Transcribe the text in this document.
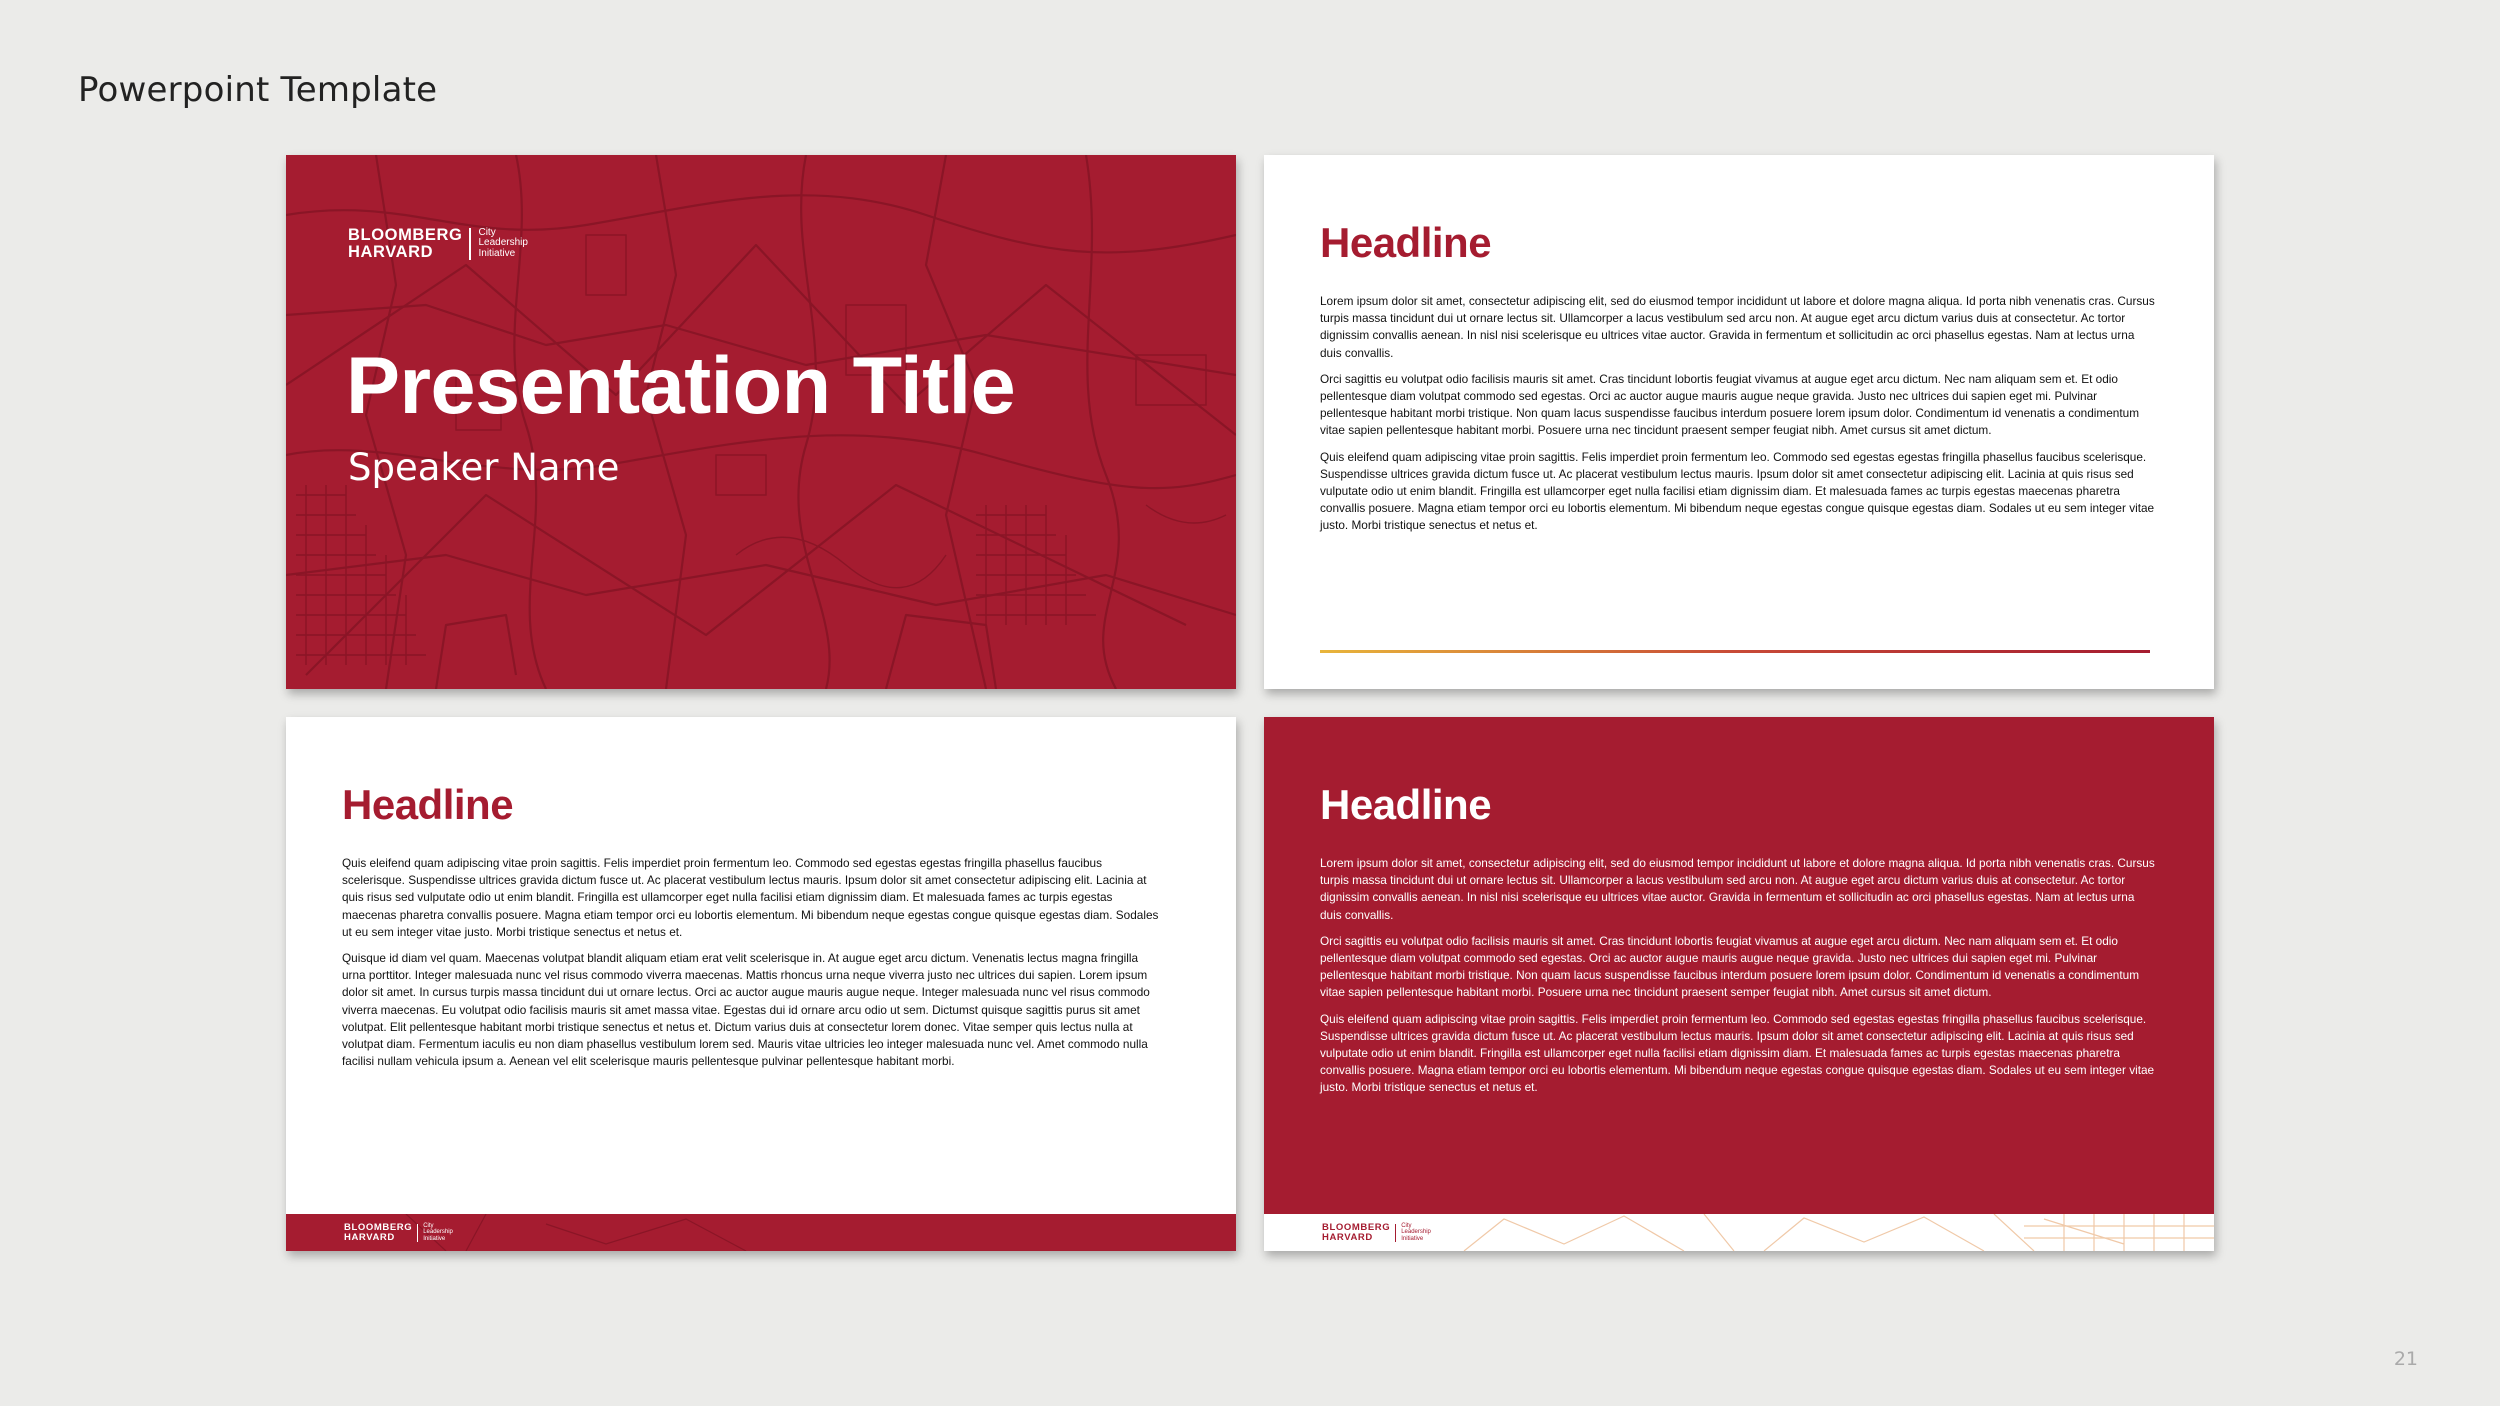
Powerpoint Template
BLOOMBERG
HARVARD
City
Leadership
Initiative
Presentation Title
Speaker Name
Headline

Lorem ipsum dolor sit amet, consectetur adipiscing elit, sed do eiusmod tempor incididunt ut labore et dolore magna aliqua. Id porta nibh venenatis cras. Cursus turpis massa tincidunt dui ut ornare lectus sit. Ullamcorper a lacus vestibulum sed arcu non. At augue eget arcu dictum varius duis at consectetur. Ac tortor dignissim convallis aenean. In nisl nisi scelerisque eu ultrices vitae auctor. Gravida in fermentum et sollicitudin ac orci phasellus egestas. Nam at lectus urna duis convallis.

Orci sagittis eu volutpat odio facilisis mauris sit amet. Cras tincidunt lobortis feugiat vivamus at augue eget arcu dictum. Nec nam aliquam sem et. Et odio pellentesque diam volutpat commodo sed egestas. Orci ac auctor augue mauris augue neque gravida. Justo nec ultrices dui sapien eget mi. Pulvinar pellentesque habitant morbi tristique. Non quam lacus suspendisse faucibus interdum posuere lorem ipsum dolor. Condimentum id venenatis a condimentum vitae sapien pellentesque habitant morbi. Posuere urna nec tincidunt praesent semper feugiat nibh. Amet cursus sit amet dictum.

Quis eleifend quam adipiscing vitae proin sagittis. Felis imperdiet proin fermentum leo. Commodo sed egestas egestas fringilla phasellus faucibus scelerisque. Suspendisse ultrices gravida dictum fusce ut. Ac placerat vestibulum lectus mauris. Ipsum dolor sit amet consectetur adipiscing elit. Lacinia at quis risus sed vulputate odio ut enim blandit. Fringilla est ullamcorper eget nulla facilisi etiam dignissim diam. Et malesuada fames ac turpis egestas maecenas pharetra convallis posuere. Magna etiam tempor orci eu lobortis elementum. Mi bibendum neque egestas congue quisque egestas diam. Sodales ut eu sem integer vitae justo. Morbi tristique senectus et netus et.

Headline

Quis eleifend quam adipiscing vitae proin sagittis. Felis imperdiet proin fermentum leo. Commodo sed egestas egestas fringilla phasellus faucibus scelerisque. Suspendisse ultrices gravida dictum fusce ut. Ac placerat vestibulum lectus mauris. Ipsum dolor sit amet consectetur adipiscing elit. Lacinia at quis risus sed vulputate odio ut enim blandit. Fringilla est ullamcorper eget nulla facilisi etiam dignissim diam. Et malesuada fames ac turpis egestas maecenas pharetra convallis posuere. Magna etiam tempor orci eu lobortis elementum. Mi bibendum neque egestas congue quisque egestas diam. Sodales ut eu sem integer vitae justo. Morbi tristique senectus et netus et.

Quisque id diam vel quam. Maecenas volutpat blandit aliquam etiam erat velit scelerisque in. At augue eget arcu dictum. Venenatis lectus magna fringilla urna porttitor. Integer malesuada nunc vel risus commodo viverra maecenas. Mattis rhoncus urna neque viverra justo nec ultrices dui sapien. Lorem ipsum dolor sit amet. In cursus turpis massa tincidunt dui ut ornare lectus. Orci ac auctor augue mauris augue neque. Integer malesuada nunc vel risus commodo viverra maecenas. Eu volutpat odio facilisis mauris sit amet massa vitae. Egestas dui id ornare arcu odio ut sem. Dictumst quisque sagittis purus sit amet volutpat. Elit pellentesque habitant morbi tristique senectus et netus et. Dictum varius duis at consectetur lorem donec. Vitae semper quis lectus nulla at volutpat diam. Fermentum iaculis eu non diam phasellus vestibulum lorem sed. Mauris vitae ultricies leo integer malesuada nunc vel. Amet commodo nulla facilisi nullam vehicula ipsum a. Aenean vel elit scelerisque mauris pellentesque pulvinar pellentesque habitant morbi.

BLOOMBERG
HARVARD
City
Leadership
Initiative
Headline

Lorem ipsum dolor sit amet, consectetur adipiscing elit, sed do eiusmod tempor incididunt ut labore et dolore magna aliqua. Id porta nibh venenatis cras. Cursus turpis massa tincidunt dui ut ornare lectus sit. Ullamcorper a lacus vestibulum sed arcu non. At augue eget arcu dictum varius duis at consectetur. Ac tortor dignissim convallis aenean. In nisl nisi scelerisque eu ultrices vitae auctor. Gravida in fermentum et sollicitudin ac orci phasellus egestas. Nam at lectus urna duis convallis.

Orci sagittis eu volutpat odio facilisis mauris sit amet. Cras tincidunt lobortis feugiat vivamus at augue eget arcu dictum. Nec nam aliquam sem et. Et odio pellentesque diam volutpat commodo sed egestas. Orci ac auctor augue mauris augue neque gravida. Justo nec ultrices dui sapien eget mi. Pulvinar pellentesque habitant morbi tristique. Non quam lacus suspendisse faucibus interdum posuere lorem ipsum dolor. Condimentum id venenatis a condimentum vitae sapien pellentesque habitant morbi. Posuere urna nec tincidunt praesent semper feugiat nibh. Amet cursus sit amet dictum.

Quis eleifend quam adipiscing vitae proin sagittis. Felis imperdiet proin fermentum leo. Commodo sed egestas egestas fringilla phasellus faucibus scelerisque. Suspendisse ultrices gravida dictum fusce ut. Ac placerat vestibulum lectus mauris. Ipsum dolor sit amet consectetur adipiscing elit. Lacinia at quis risus sed vulputate odio ut enim blandit. Fringilla est ullamcorper eget nulla facilisi etiam dignissim diam. Et malesuada fames ac turpis egestas maecenas pharetra convallis posuere. Magna etiam tempor orci eu lobortis elementum. Mi bibendum neque egestas congue quisque egestas diam. Sodales ut eu sem integer vitae justo. Morbi tristique senectus et netus et.

BLOOMBERG
HARVARD
City
Leadership
Initiative
21
